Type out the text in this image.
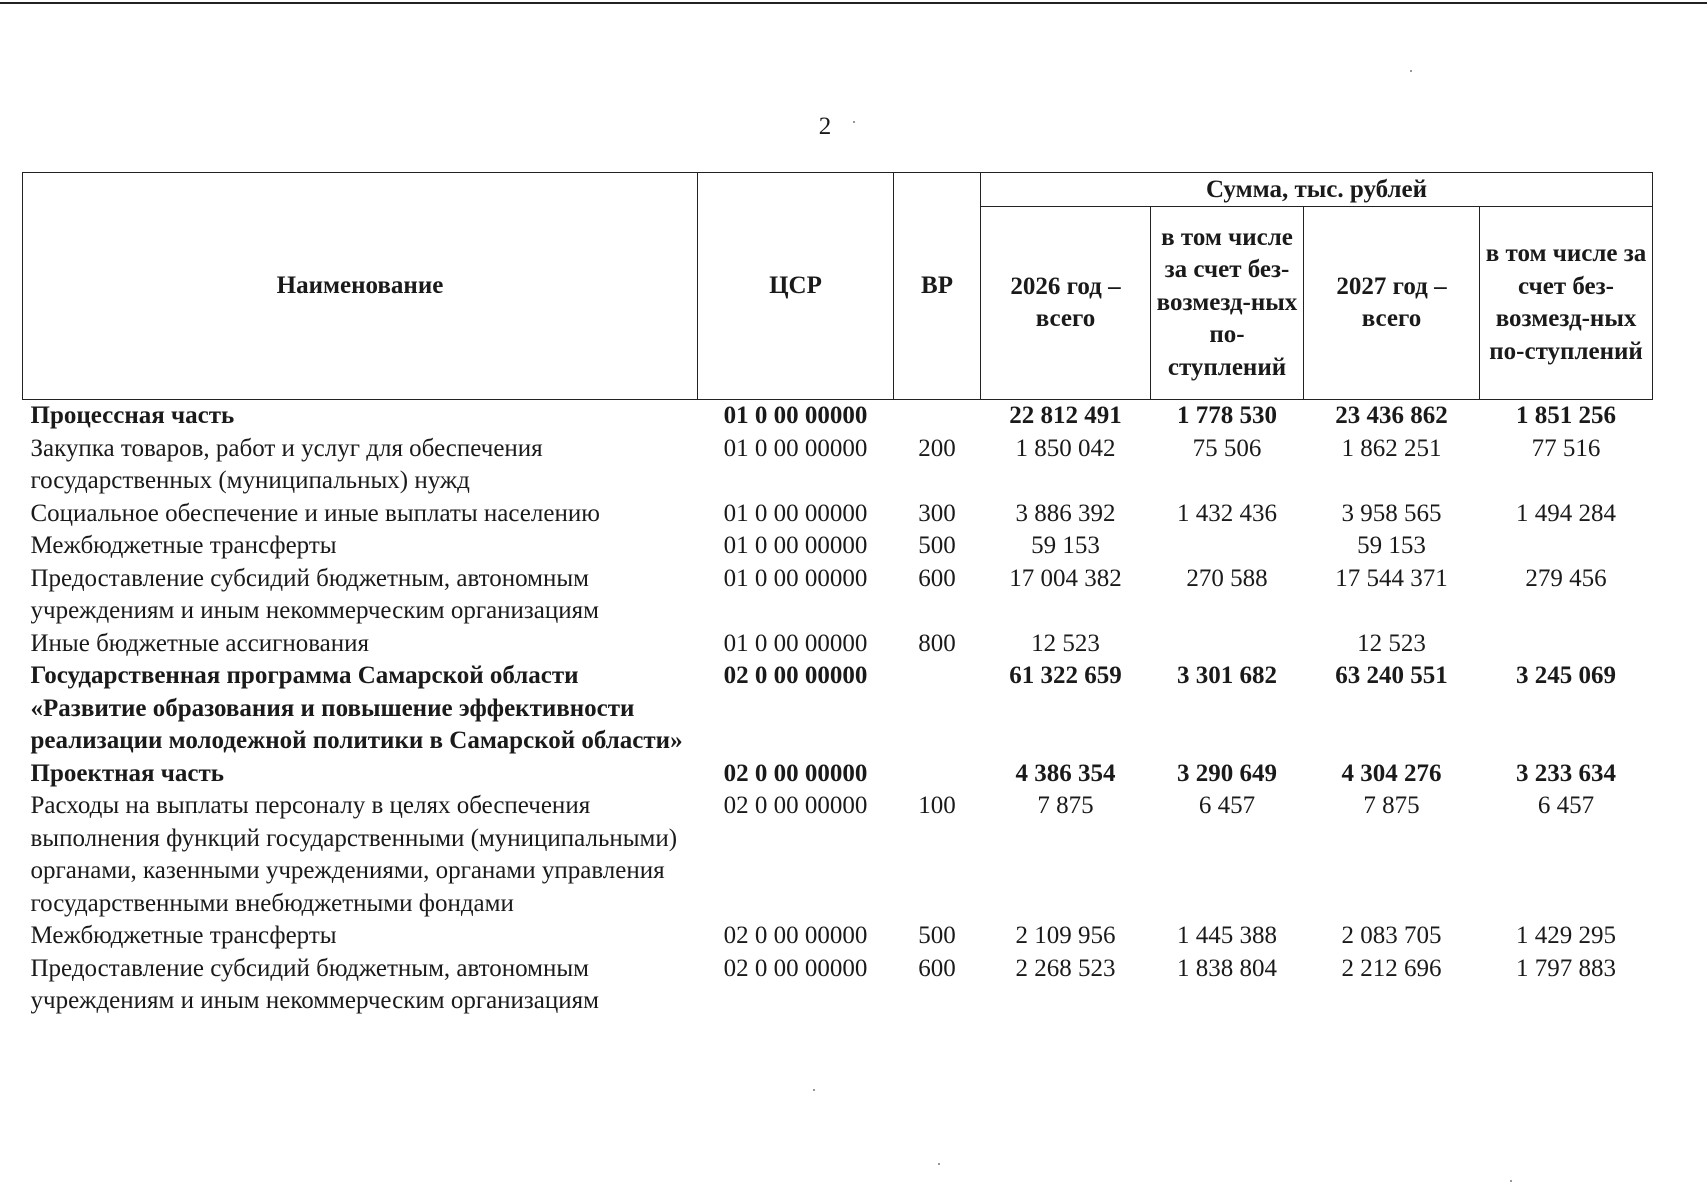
2
Наименование	ЦСР	ВР	Сумма, тыс. рублей			
			2026 год – всего	в том числе за счет без-возмезд-ных по-ступлений	2027 год – всего	в том числе за счет без-возмезд-ных по-ступлений
Процессная часть	01 0 00 00000		22 812 491	1 778 530	23 436 862	1 851 256
Закупка товаров, работ и услуг для обеспечения государственных (муниципальных) нужд	01 0 00 00000	200	1 850 042	75 506	1 862 251	77 516
Социальное обеспечение и иные выплаты населению	01 0 00 00000	300	3 886 392	1 432 436	3 958 565	1 494 284
Межбюджетные трансферты	01 0 00 00000	500	59 153		59 153	
Предоставление субсидий бюджетным, автономным учреждениям и иным некоммерческим организациям	01 0 00 00000	600	17 004 382	270 588	17 544 371	279 456
Иные бюджетные ассигнования	01 0 00 00000	800	12 523		12 523	
Государственная программа Самарской области «Развитие образования и повышение эффективности реализации молодежной политики в Самарской области»	02 0 00 00000		61 322 659	3 301 682	63 240 551	3 245 069
Проектная часть	02 0 00 00000		4 386 354	3 290 649	4 304 276	3 233 634
Расходы на выплаты персоналу в целях обеспечения выполнения функций государственными (муниципальными) органами, казенными учреждениями, органами управления государственными внебюджетными фондами	02 0 00 00000	100	7 875	6 457	7 875	6 457
Межбюджетные трансферты	02 0 00 00000	500	2 109 956	1 445 388	2 083 705	1 429 295
Предоставление субсидий бюджетным, автономным учреждениям и иным некоммерческим организациям	02 0 00 00000	600	2 268 523	1 838 804	2 212 696	1 797 883
